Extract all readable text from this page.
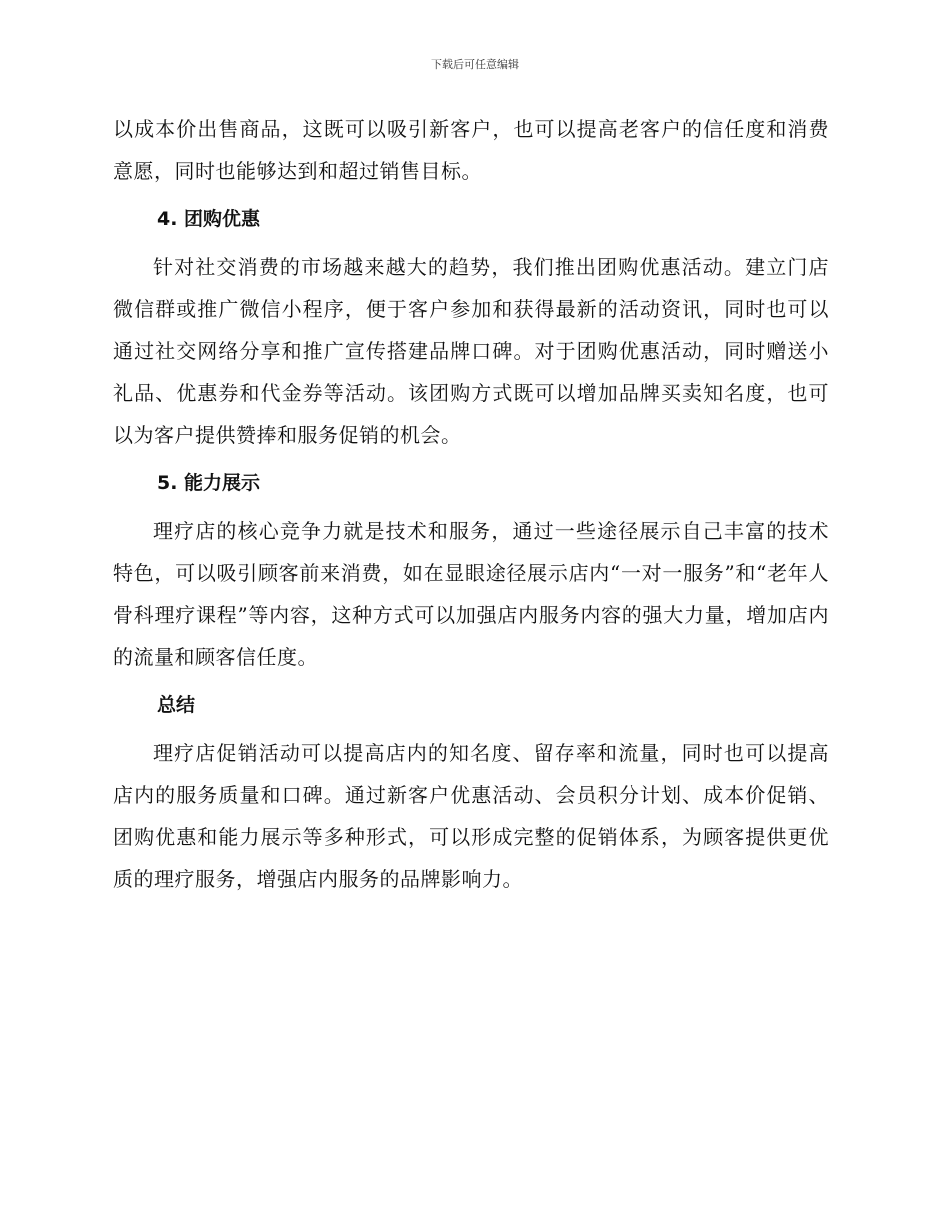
下载后可任意编辑

以成本价出售商品，这既可以吸引新客户，也可以提高老客户的信任度和消费意愿，同时也能够达到和超过销售目标。

4. 团购优惠

针对社交消费的市场越来越大的趋势，我们推出团购优惠活动。建立门店微信群或推广微信小程序，便于客户参加和获得最新的活动资讯，同时也可以通过社交网络分享和推广宣传搭建品牌口碑。对于团购优惠活动，同时赠送小礼品、优惠券和代金券等活动。该团购方式既可以增加品牌买卖知名度，也可以为客户提供赞捧和服务促销的机会。

5. 能力展示

理疗店的核心竞争力就是技术和服务，通过一些途径展示自己丰富的技术特色，可以吸引顾客前来消费，如在显眼途径展示店内“一对一服务”和“老年人骨科理疗课程”等内容，这种方式可以加强店内服务内容的强大力量，增加店内的流量和顾客信任度。

总结

理疗店促销活动可以提高店内的知名度、留存率和流量，同时也可以提高店内的服务质量和口碑。通过新客户优惠活动、会员积分计划、成本价促销、团购优惠和能力展示等多种形式，可以形成完整的促销体系，为顾客提供更优质的理疗服务，增强店内服务的品牌影响力。
